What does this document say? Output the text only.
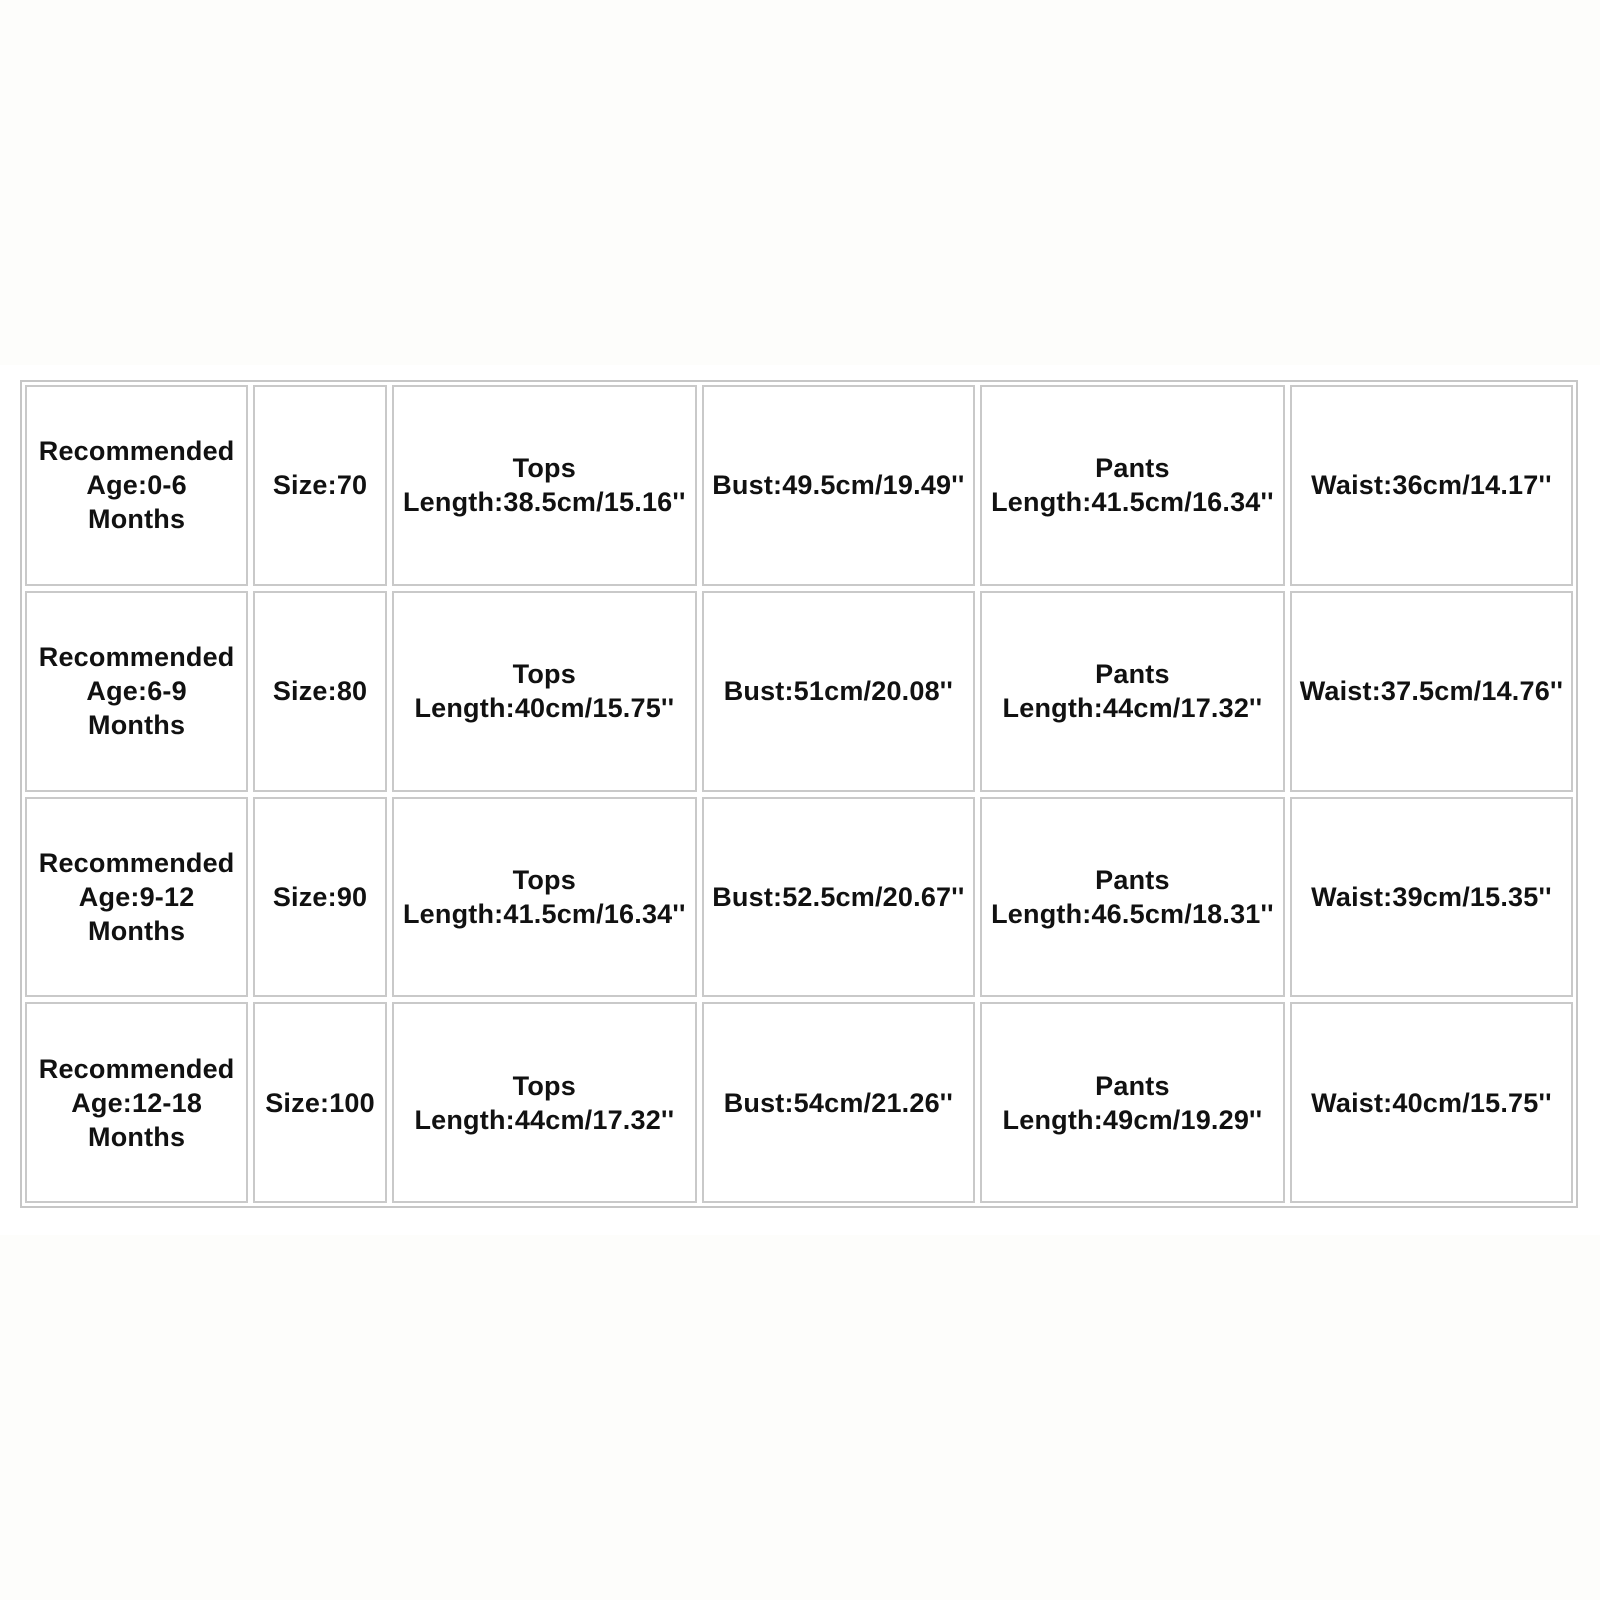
Recommended
Age:0-6
Months
Size:70
Tops
Length:38.5cm/15.16''
Bust:49.5cm/19.49''
Pants
Length:41.5cm/16.34''
Waist:36cm/14.17''
Recommended
Age:6-9
Months
Size:80
Tops
Length:40cm/15.75''
Bust:51cm/20.08''
Pants
Length:44cm/17.32''
Waist:37.5cm/14.76''
Recommended
Age:9-12
Months
Size:90
Tops
Length:41.5cm/16.34''
Bust:52.5cm/20.67''
Pants
Length:46.5cm/18.31''
Waist:39cm/15.35''
Recommended
Age:12-18
Months
Size:100
Tops
Length:44cm/17.32''
Bust:54cm/21.26''
Pants
Length:49cm/19.29''
Waist:40cm/15.75''
